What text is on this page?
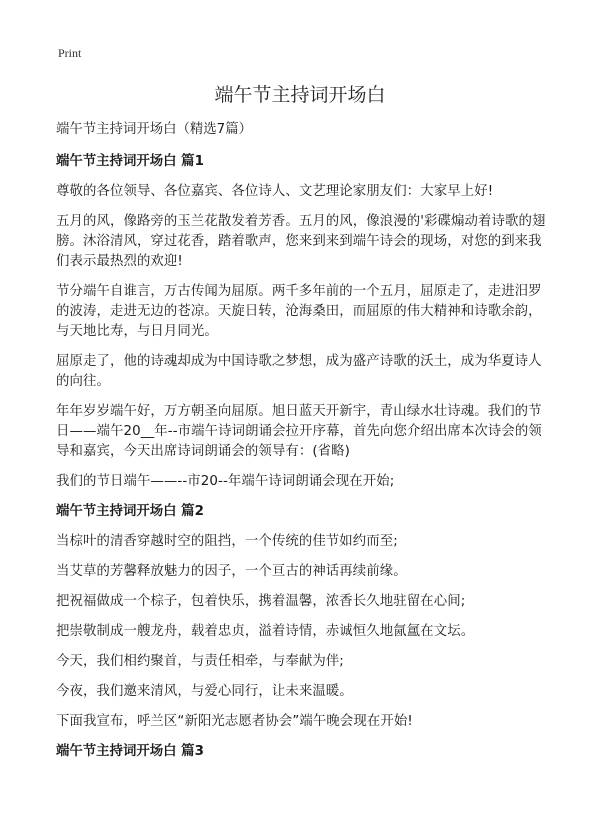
Print
端午节主持词开场白

端午节主持词开场白（精选7篇）

端午节主持词开场白 篇1

尊敬的各位领导、各位嘉宾、各位诗人、文艺理论家朋友们：大家早上好!

五月的风，像路旁的玉兰花散发着芳香。五月的风，像浪漫的'彩碟煽动着诗歌的翅膀。沐浴清风，穿过花香，踏着歌声，您来到来到端午诗会的现场，对您的到来我们表示最热烈的欢迎!

节分端午自谁言，万古传闻为屈原。两千多年前的一个五月，屈原走了，走进汨罗的波涛，走进无边的苍凉。天旋日转，沧海桑田，而屈原的伟大精神和诗歌余韵，与天地比寿，与日月同光。

屈原走了，他的诗魂却成为中国诗歌之梦想，成为盛产诗歌的沃土，成为华夏诗人的向往。

年年岁岁端午好，万方朝圣向屈原。旭日蓝天开新宇，青山绿水壮诗魂。我们的节日——端午20__年--市端午诗词朗诵会拉开序幕，首先向您介绍出席本次诗会的领导和嘉宾，今天出席诗词朗诵会的领导有：(省略)

我们的节日端午——--市20--年端午诗词朗诵会现在开始;

端午节主持词开场白 篇2

当棕叶的清香穿越时空的阻挡，一个传统的佳节如约而至;

当艾草的芳馨释放魅力的因子，一个亘古的神话再续前缘。

把祝福做成一个棕子，包着快乐，携着温馨，浓香长久地驻留在心间;

把崇敬制成一艘龙舟，载着忠贞，溢着诗情，赤诚恒久地氤氲在文坛。

今天，我们相约聚首，与责任相牵，与奉献为伴;

今夜，我们邀来清风，与爱心同行，让未来温暖。

下面我宣布，呼兰区“新阳光志愿者协会”端午晚会现在开始!

端午节主持词开场白 篇3
